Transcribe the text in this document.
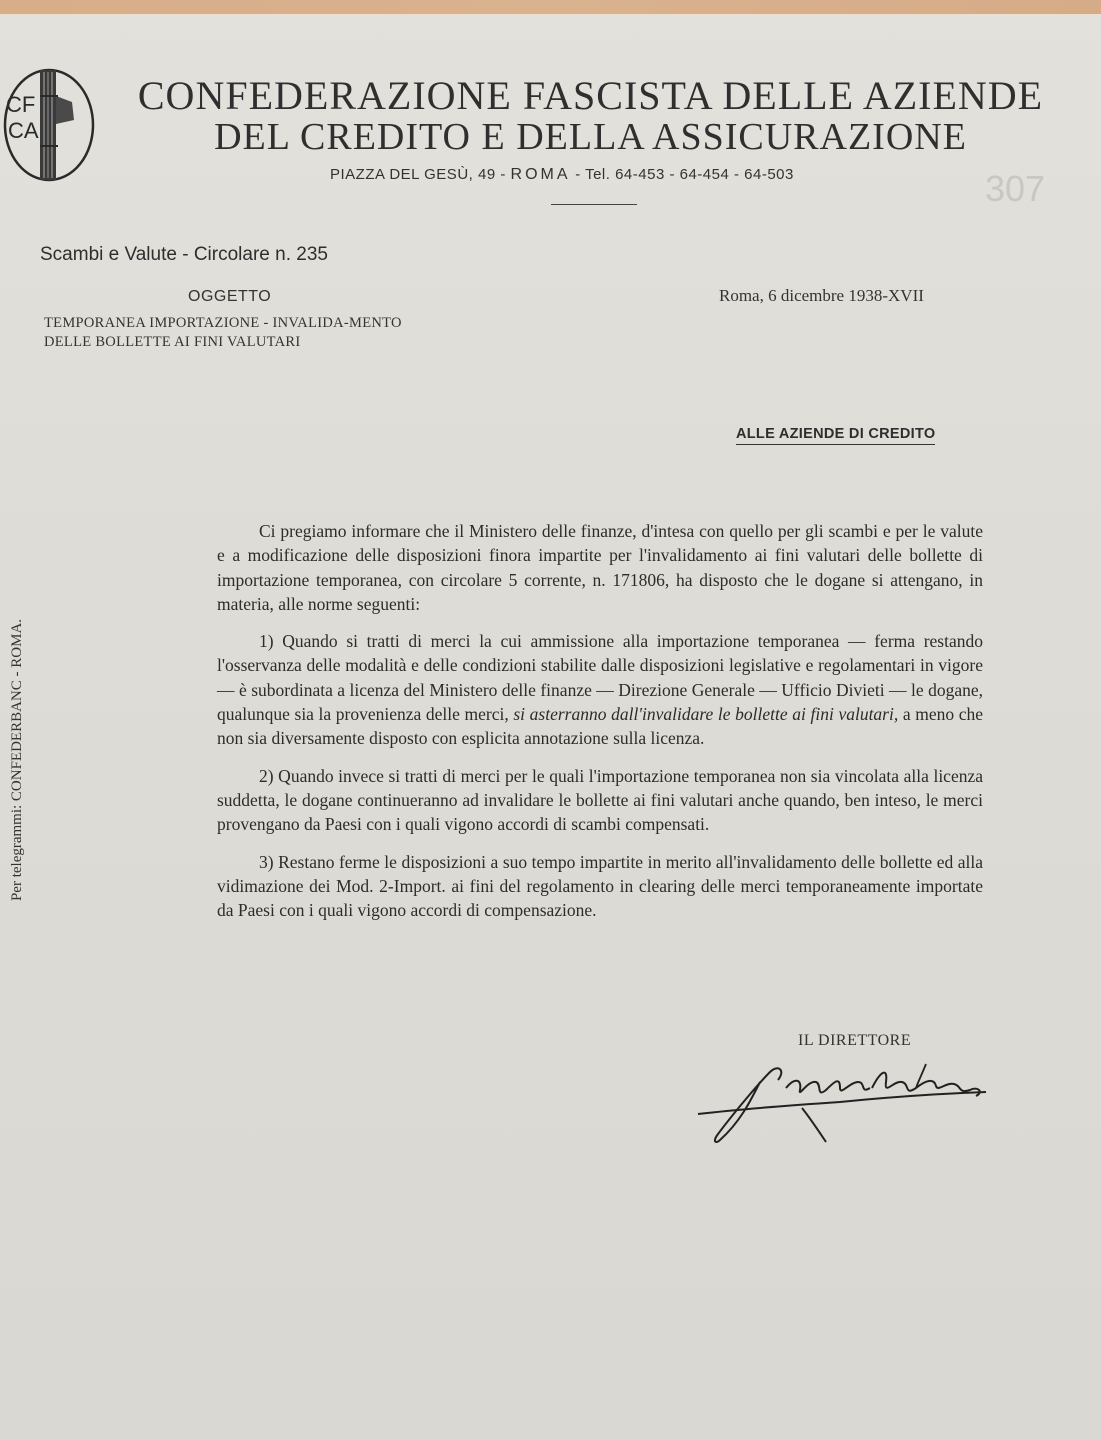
CF
CA
CONFEDERAZIONE FASCISTA DELLE AZIENDE
DEL CREDITO E DELLA ASSICURAZIONE
PIAZZA DEL GESÙ, 49 - ROMA - Tel. 64-453 - 64-454 - 64-503	307
Scambi e Valute - Circolare n. 235
OGGETTO
TEMPORANEA IMPORTAZIONE - INVALIDA-MENTO DELLE BOLLETTE AI FINI VALUTARI
Roma, 6 dicembre 1938-XVII
ALLE AZIENDE DI CREDITO
Per telegrammi: CONFEDERBANC - ROMA.

Ci pregiamo informare che il Ministero delle finanze, d'intesa con quello per gli scambi e per le valute e a modificazione delle disposizioni finora impartite per l'invalidamento ai fini valutari delle bollette di importazione temporanea, con circolare 5 corrente, n. 171806, ha disposto che le dogane si attengano, in materia, alle norme seguenti:

1) Quando si tratti di merci la cui ammissione alla importazione temporanea — ferma restando l'osservanza delle modalità e delle condizioni stabilite dalle disposizioni legislative e regolamentari in vigore — è subordinata a licenza del Ministero delle finanze — Direzione Generale — Ufficio Divieti — le dogane, qualunque sia la provenienza delle merci, si asterranno dall'invalidare le bollette ai fini valutari, a meno che non sia diversamente disposto con esplicita annotazione sulla licenza.

2) Quando invece si tratti di merci per le quali l'importazione temporanea non sia vincolata alla licenza suddetta, le dogane continueranno ad invalidare le bollette ai fini valutari anche quando, ben inteso, le merci provengano da Paesi con i quali vigono accordi di scambi compensati.

3) Restano ferme le disposizioni a suo tempo impartite in merito all'invalidamento delle bollette ed alla vidimazione dei Mod. 2-Import. ai fini del regolamento in clearing delle merci temporaneamente importate da Paesi con i quali vigono accordi di compensazione.

IL DIRETTORE
